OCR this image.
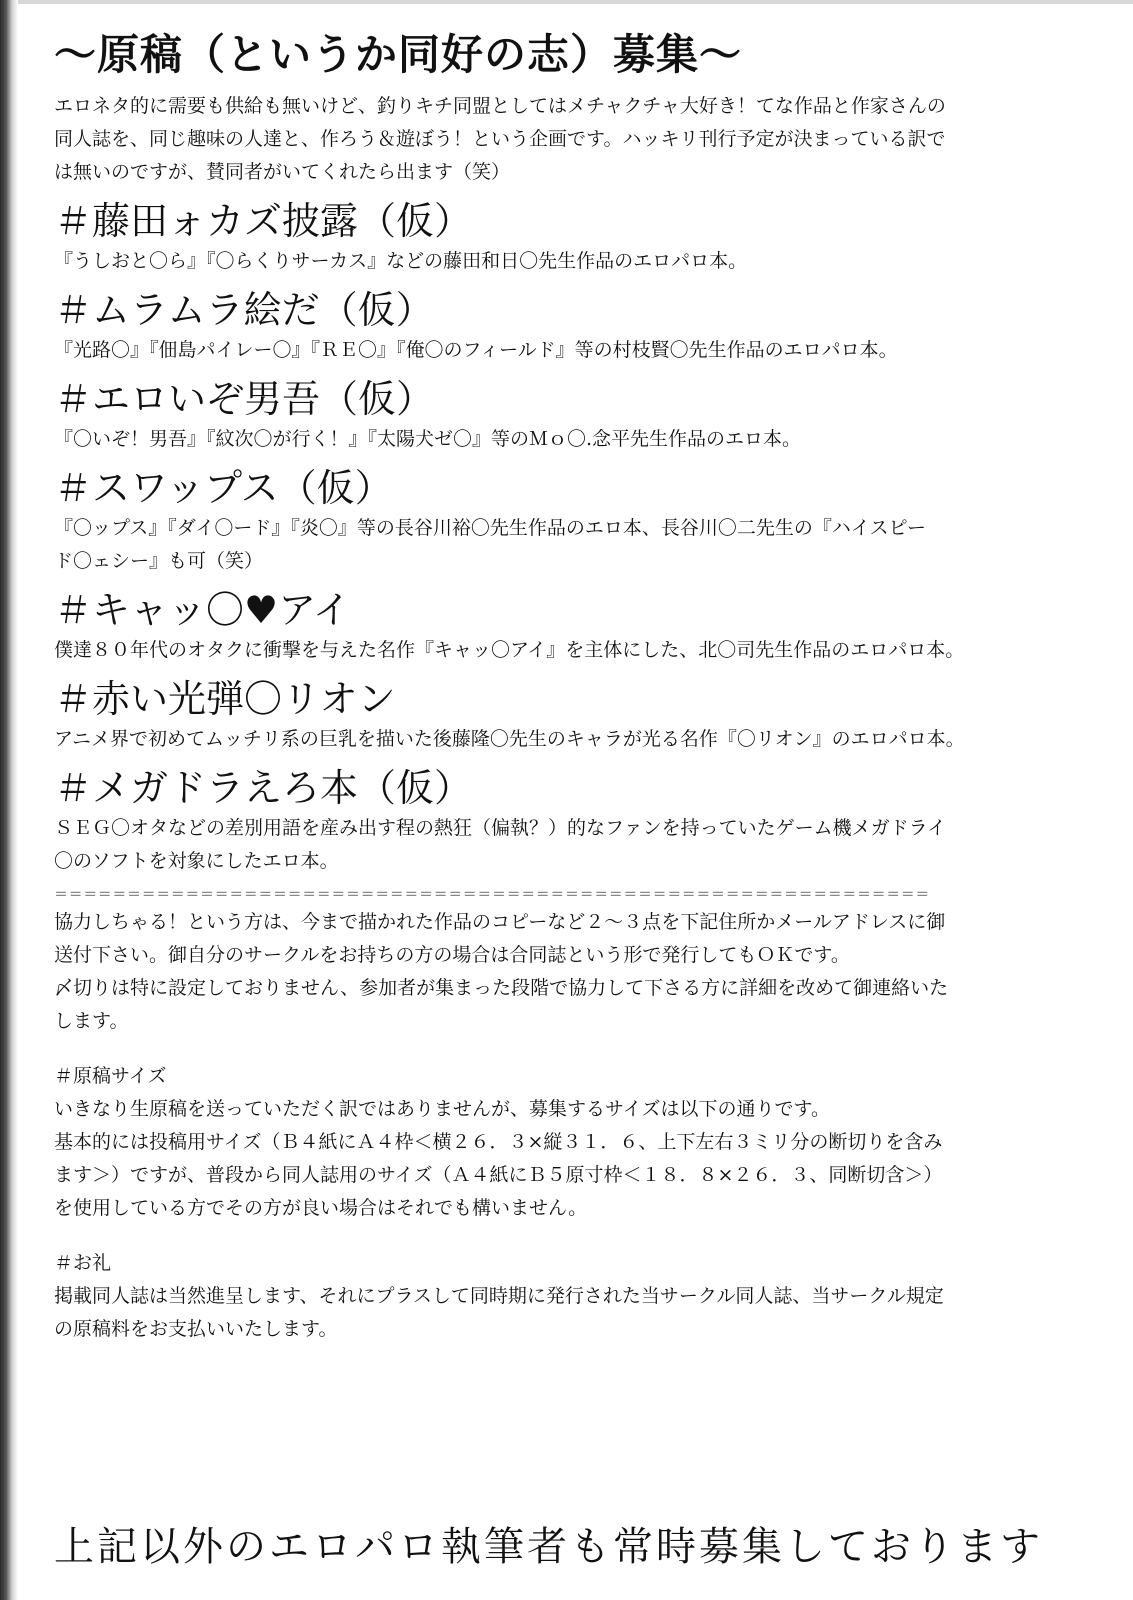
〜原稿（というか同好の志）募集〜

エロネタ的に需要も供給も無いけど、釣りキチ同盟としてはメチャクチャ大好き！てな作品と作家さんの

同人誌を、同じ趣味の人達と、作ろう＆遊ぼう！という企画です。ハッキリ刊行予定が決まっている訳で

は無いのですが、賛同者がいてくれたら出ます（笑）

＃藤田ォカズ披露（仮）

『うしおと〇ら』『〇らくりサーカス』などの藤田和日〇先生作品のエロパロ本。

＃ムラムラ絵だ（仮）

『光路〇』『佃島パイレー〇』『ＲＥ〇』『俺〇のフィールド』等の村枝賢〇先生作品のエロパロ本。

＃エロいぞ男吾（仮）

『〇いぞ！男吾』『紋次〇が行く！』『太陽犬ゼ〇』等のＭｏ〇.念平先生作品のエロ本。

＃スワップス（仮）

『〇ップス』『ダイ〇ード』『炎〇』等の長谷川裕〇先生作品のエロ本、長谷川〇二先生の『ハイスピー

ド〇ェシー』も可（笑）

＃キャッ〇♥アイ

僕達８０年代のオタクに衝撃を与えた名作『キャッ〇アイ』を主体にした、北〇司先生作品のエロパロ本。

＃赤い光弾〇リオン

アニメ界で初めてムッチリ系の巨乳を描いた後藤隆〇先生のキャラが光る名作『〇リオン』のエロパロ本。

＃メガドラえろ本（仮）

ＳＥＧ〇オタなどの差別用語を産み出す程の熱狂（偏執？）的なファンを持っていたゲーム機メガドライ

〇のソフトを対象にしたエロ本。

＝＝＝＝＝＝＝＝＝＝＝＝＝＝＝＝＝＝＝＝＝＝＝＝＝＝＝＝＝＝＝＝＝＝＝＝＝＝＝＝＝＝＝＝＝＝＝＝＝＝＝＝＝＝＝＝＝＝＝＝

協力しちゃる！という方は、今まで描かれた作品のコピーなど２〜３点を下記住所かメールアドレスに御

送付下さい。御自分のサークルをお持ちの方の場合は合同誌という形で発行してもＯＫです。

〆切りは特に設定しておりません、参加者が集まった段階で協力して下さる方に詳細を改めて御連絡いた

します。

＃原稿サイズ

いきなり生原稿を送っていただく訳ではありませんが、募集するサイズは以下の通りです。

基本的には投稿用サイズ（Ｂ４紙にＡ４枠＜横２６．３×縦３１．６、上下左右３ミリ分の断切りを含み

ます＞）ですが、普段から同人誌用のサイズ（Ａ４紙にＢ５原寸枠＜１８．８×２６．３、同断切含＞）

を使用している方でその方が良い場合はそれでも構いません。

＃お礼

掲載同人誌は当然進呈します、それにプラスして同時期に発行された当サークル同人誌、当サークル規定

の原稿料をお支払いいたします。

上記以外のエロパロ執筆者も常時募集しております
